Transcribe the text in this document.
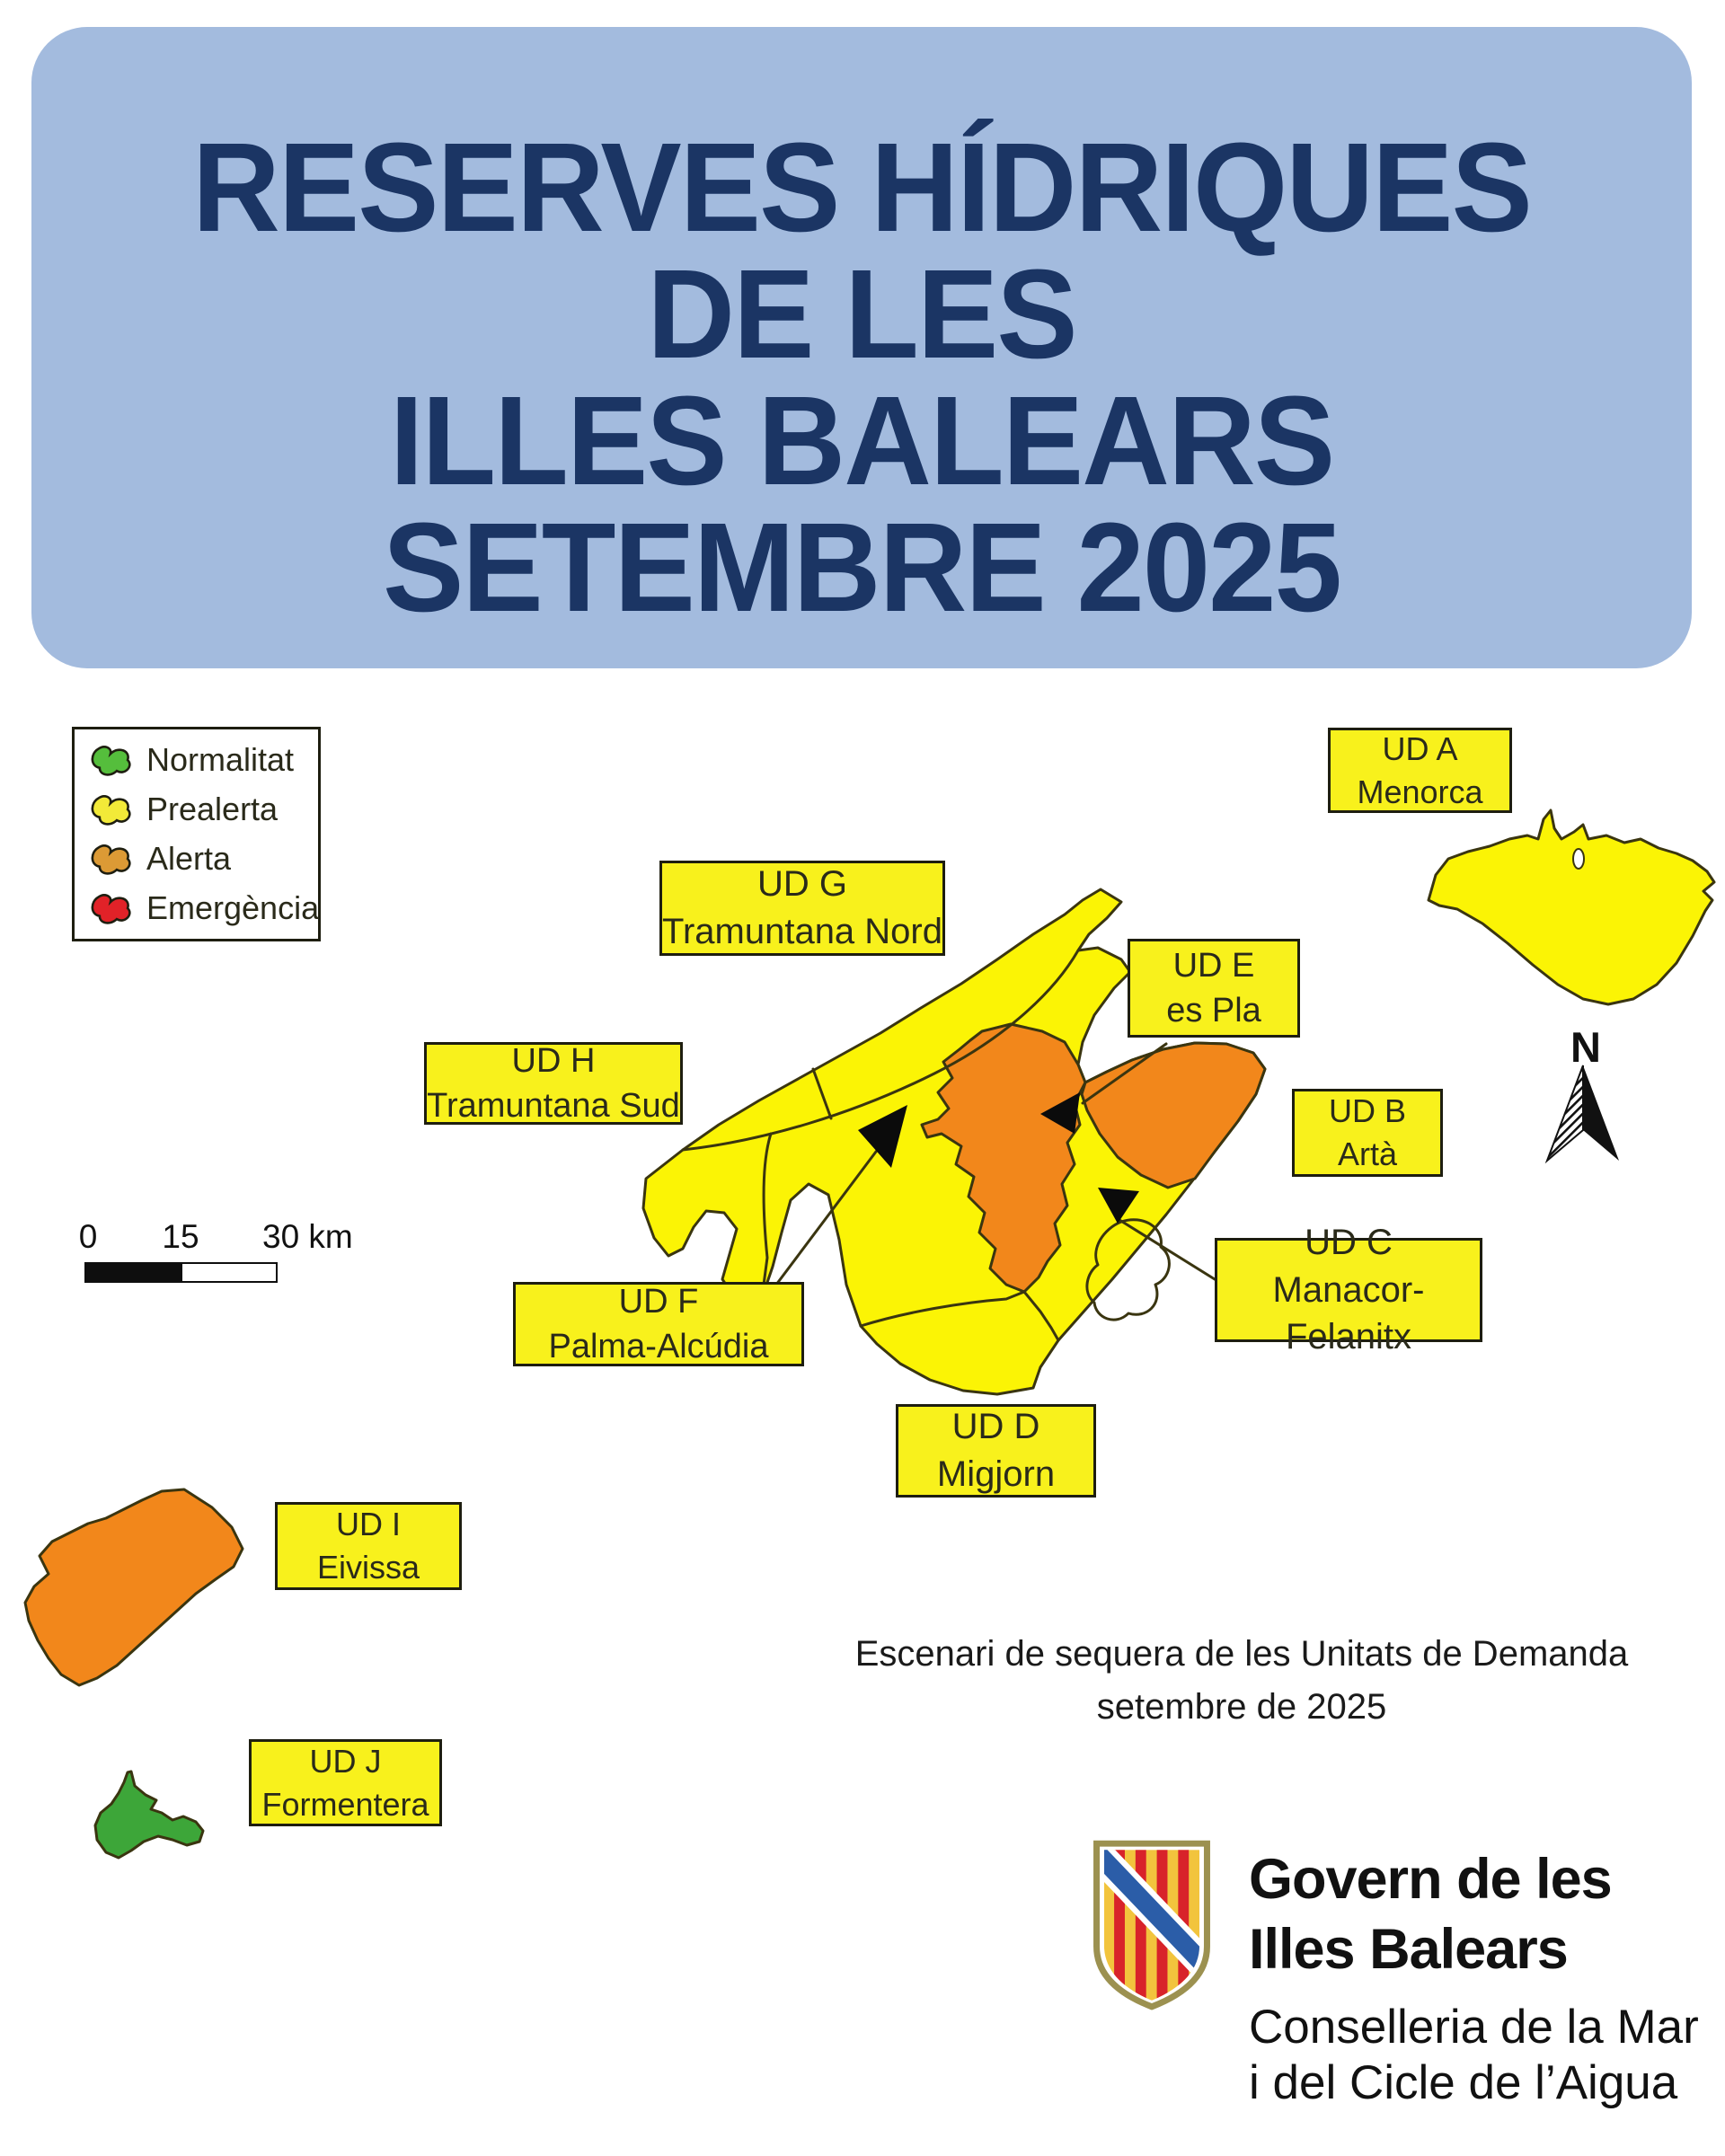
RESERVES HÍDRIQUES
DE LES
ILLES BALEARS
SETEMBRE 2025
Normalitat
Prealerta
Alerta
Emergència
UD A
Menorca
UD G
Tramuntana Nord
UD E
es Pla
UD H
Tramuntana Sud	UD B
Artà
UD C
Manacor-Felanitx
UD F
Palma-Alcúdia
UD D
Migjorn
UD I
Eivissa
UD J
Formentera
0	15	30 km
N
Escenari de sequera de les Unitats de Demanda
setembre de 2025
Govern de les
Illes Balears
Conselleria de la Mar
i del Cicle de l’Aigua
